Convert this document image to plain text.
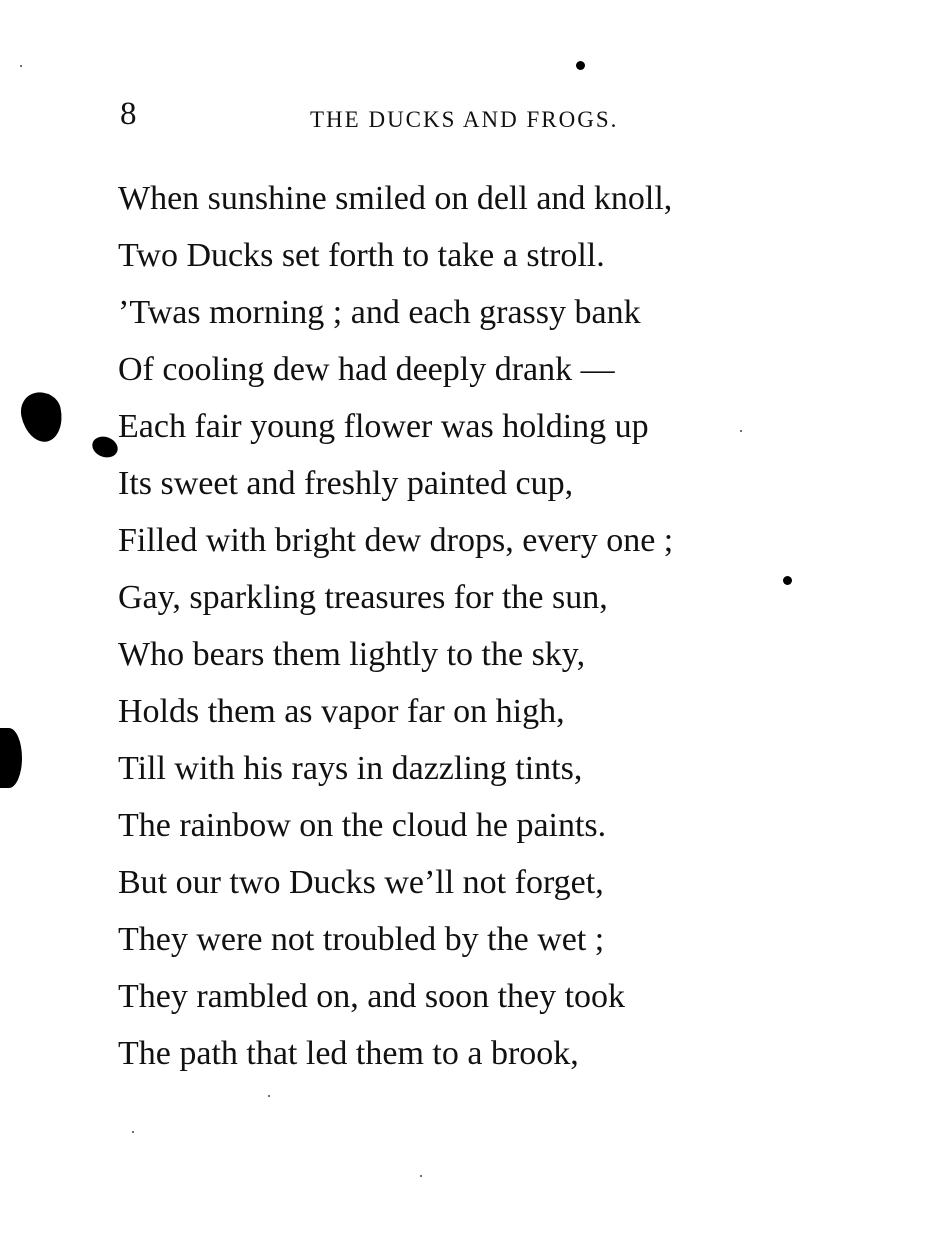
8	THE DUCKS AND FROGS.
When sunshine smiled on dell and knoll,
Two Ducks set forth to take a stroll.
’Twas morning ; and each grassy bank
Of cooling dew had deeply drank —
Each fair young flower was holding up
Its sweet and freshly painted cup,
Filled with bright dew drops, every one ;
Gay, sparkling treasures for the sun,
Who bears them lightly to the sky,
Holds them as vapor far on high,
Till with his rays in dazzling tints,
The rainbow on the cloud he paints.
But our two Ducks we’ll not forget,
They were not troubled by the wet ;
They rambled on, and soon they took
The path that led them to a brook,
